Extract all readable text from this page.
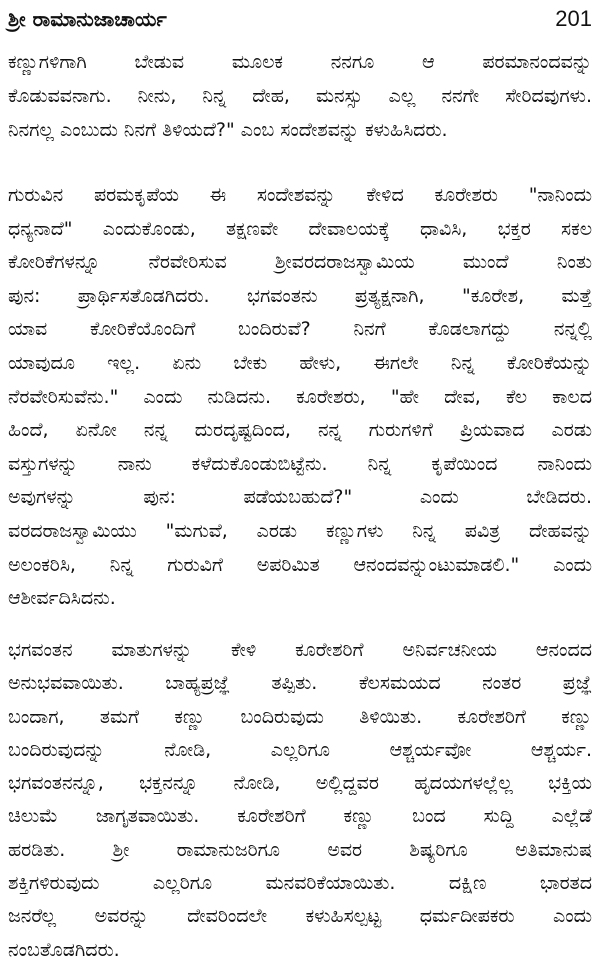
ಶ್ರೀ ರಾಮಾನುಜಾಚಾರ್ಯ	201
ಕಣ್ಣುಗಳಿಗಾಗಿ ಬೇಡುವ ಮೂಲಕ ನನಗೂ ಆ ಪರಮಾನಂದವನ್ನು
ಕೊಡುವವನಾಗು. ನೀನು, ನಿನ್ನ ದೇಹ, ಮನಸ್ಸು ಎಲ್ಲ ನನಗೇ ಸೇರಿದವುಗಳು.
ನಿನಗಲ್ಲ ಎಂಬುದು ನಿನಗೆ ತಿಳಿಯದೆ?" ಎಂಬ ಸಂದೇಶವನ್ನು ಕಳುಹಿಸಿದರು.
ಗುರುವಿನ ಪರಮಕೃಪೆಯ ಈ ಸಂದೇಶವನ್ನು ಕೇಳಿದ ಕೂರೇಶರು "ನಾನಿಂದು
ಧನ್ಯನಾದೆ" ಎಂದುಕೊಂಡು, ತಕ್ಷಣವೇ ದೇವಾಲಯಕ್ಕೆ ಧಾವಿಸಿ, ಭಕ್ತರ ಸಕಲ
ಕೋರಿಕೆಗಳನ್ನೂ ನೆರವೇರಿಸುವ ಶ್ರೀವರದರಾಜಸ್ವಾಮಿಯ ಮುಂದೆ ನಿಂತು
ಪುನ: ಪ್ರಾರ್ಥಿಸತೊಡಗಿದರು. ಭಗವಂತನು ಪ್ರತ್ಯಕ್ಷನಾಗಿ, "ಕೂರೇಶ, ಮತ್ತೆ
ಯಾವ ಕೋರಿಕೆಯೊಂದಿಗೆ ಬಂದಿರುವೆ? ನಿನಗೆ ಕೊಡಲಾಗದ್ದು ನನ್ನಲ್ಲಿ
ಯಾವುದೂ ಇಲ್ಲ. ಏನು ಬೇಕು ಹೇಳು, ಈಗಲೇ ನಿನ್ನ ಕೋರಿಕೆಯನ್ನು
ನೆರವೇರಿಸುವೆನು." ಎಂದು ನುಡಿದನು. ಕೂರೇಶರು, "ಹೇ ದೇವ, ಕೆಲ ಕಾಲದ
ಹಿಂದೆ, ಏನೋ ನನ್ನ ದುರದೃಷ್ಟದಿಂದ, ನನ್ನ ಗುರುಗಳಿಗೆ ಪ್ರಿಯವಾದ ಎರಡು
ವಸ್ತುಗಳನ್ನು ನಾನು ಕಳೆದುಕೊಂಡುಬಿಟ್ಟೆನು. ನಿನ್ನ ಕೃಪೆಯಿಂದ ನಾನಿಂದು
ಅವುಗಳನ್ನು ಪುನ: ಪಡೆಯಬಹುದೆ?" ಎಂದು ಬೇಡಿದರು.
ವರದರಾಜಸ್ವಾಮಿಯು "ಮಗುವೆ, ಎರಡು ಕಣ್ಣುಗಳು ನಿನ್ನ ಪವಿತ್ರ ದೇಹವನ್ನು
ಅಲಂಕರಿಸಿ, ನಿನ್ನ ಗುರುವಿಗೆ ಅಪರಿಮಿತ ಆನಂದವನ್ನುಂಟುಮಾಡಲಿ." ಎಂದು
ಆಶೀರ್ವದಿಸಿದನು.
ಭಗವಂತನ ಮಾತುಗಳನ್ನು ಕೇಳಿ ಕೂರೇಶರಿಗೆ ಅನಿರ್ವಚನೀಯ ಆನಂದದ
ಅನುಭವವಾಯಿತು. ಬಾಹ್ಯಪ್ರಜ್ಞೆ ತಪ್ಪಿತು. ಕೆಲಸಮಯದ ನಂತರ ಪ್ರಜ್ಞೆ
ಬಂದಾಗ, ತಮಗೆ ಕಣ್ಣು ಬಂದಿರುವುದು ತಿಳಿಯಿತು. ಕೂರೇಶರಿಗೆ ಕಣ್ಣು
ಬಂದಿರುವುದನ್ನು ನೋಡಿ, ಎಲ್ಲರಿಗೂ ಆಶ್ಚರ್ಯವೋ ಆಶ್ಚರ್ಯ.
ಭಗವಂತನನ್ನೂ, ಭಕ್ತನನ್ನೂ ನೋಡಿ, ಅಲ್ಲಿದ್ದವರ ಹೃದಯಗಳಲ್ಲೆಲ್ಲ ಭಕ್ತಿಯ
ಚಿಲುಮೆ ಜಾಗೃತವಾಯಿತು. ಕೂರೇಶರಿಗೆ ಕಣ್ಣು ಬಂದ ಸುದ್ದಿ ಎಲ್ಲೆಡೆ
ಹರಡಿತು. ಶ್ರೀ ರಾಮಾನುಜರಿಗೂ ಅವರ ಶಿಷ್ಯರಿಗೂ ಅತಿಮಾನುಷ
ಶಕ್ತಿಗಳಿರುವುದು ಎಲ್ಲರಿಗೂ ಮನವರಿಕೆಯಾಯಿತು. ದಕ್ಷಿಣ ಭಾರತದ
ಜನರೆಲ್ಲ ಅವರನ್ನು ದೇವರಿಂದಲೇ ಕಳುಹಿಸಲ್ಪಟ್ಟ ಧರ್ಮದೀಪಕರು ಎಂದು
ನಂಬತೊಡಗಿದರು.
